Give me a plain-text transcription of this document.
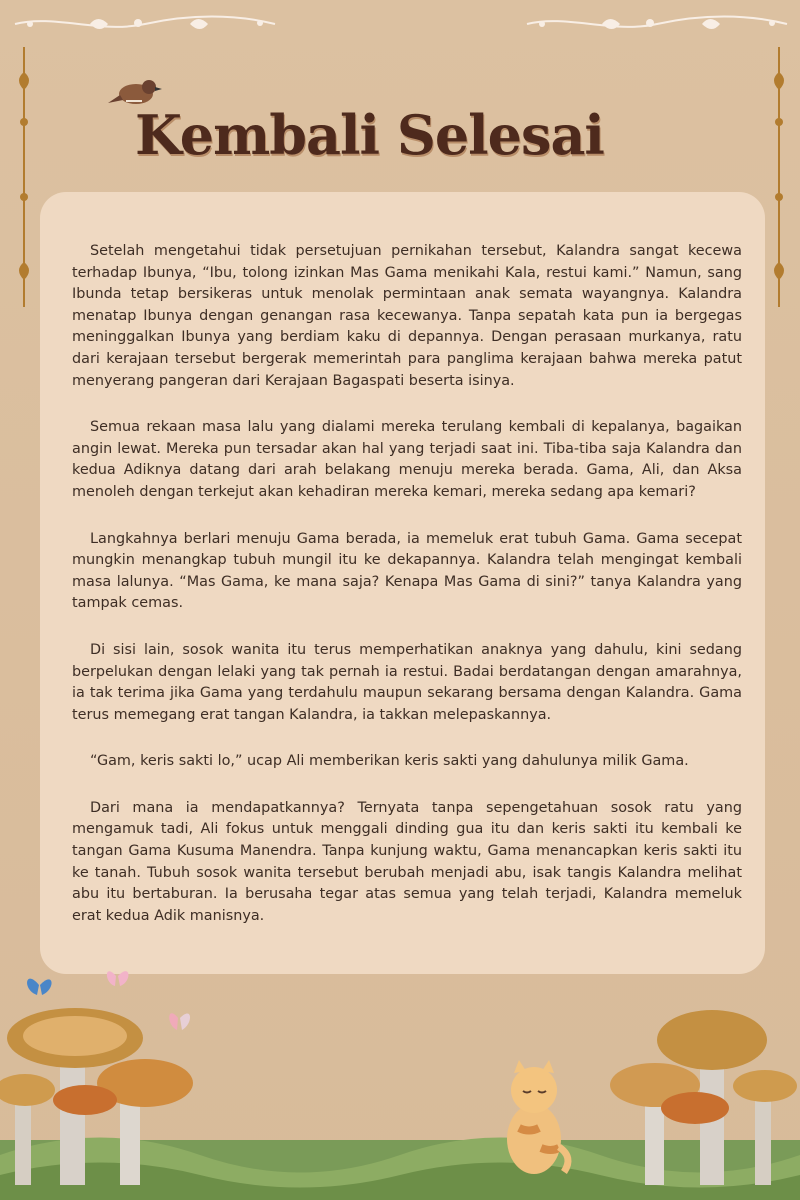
Kembali Selesai

Setelah mengetahui tidak persetujuan pernikahan tersebut, Kalandra sangat kecewa terhadap Ibunya, “Ibu, tolong izinkan Mas Gama menikahi Kala, restui kami.” Namun, sang Ibunda tetap bersikeras untuk menolak permintaan anak semata wayangnya. Kalandra menatap Ibunya dengan genangan rasa kecewanya. Tanpa sepatah kata pun ia bergegas meninggalkan Ibunya yang berdiam kaku di depannya. Dengan perasaan murkanya, ratu dari kerajaan tersebut bergerak memerintah para panglima kerajaan bahwa mereka patut menyerang pangeran dari Kerajaan Bagaspati beserta isinya.

Semua rekaan masa lalu yang dialami mereka terulang kembali di kepalanya, bagaikan angin lewat. Mereka pun tersadar akan hal yang terjadi saat ini. Tiba-tiba saja Kalandra dan kedua Adiknya datang dari arah belakang menuju mereka berada. Gama, Ali, dan Aksa menoleh dengan terkejut akan kehadiran mereka kemari, mereka sedang apa kemari?

Langkahnya berlari menuju Gama berada, ia memeluk erat tubuh Gama. Gama secepat mungkin menangkap tubuh mungil itu ke dekapannya. Kalandra telah mengingat kembali masa lalunya. “Mas Gama, ke mana saja? Kenapa Mas Gama di sini?” tanya Kalandra yang tampak cemas.

Di sisi lain, sosok wanita itu terus memperhatikan anaknya yang dahulu, kini sedang berpelukan dengan lelaki yang tak pernah ia restui. Badai berdatangan dengan amarahnya, ia tak terima jika Gama yang terdahulu maupun sekarang bersama dengan Kalandra. Gama terus memegang erat tangan Kalandra, ia takkan melepaskannya.

“Gam, keris sakti lo,” ucap Ali memberikan keris sakti yang dahulunya milik Gama.

Dari mana ia mendapatkannya? Ternyata tanpa sepengetahuan sosok ratu yang mengamuk tadi, Ali fokus untuk menggali dinding gua itu dan keris sakti itu kembali ke tangan Gama Kusuma Manendra. Tanpa kunjung waktu, Gama menancapkan keris sakti itu ke tanah. Tubuh sosok wanita tersebut berubah menjadi abu, isak tangis Kalandra melihat abu itu bertaburan. Ia berusaha tegar atas semua yang telah terjadi, Kalandra memeluk erat kedua Adik manisnya.
